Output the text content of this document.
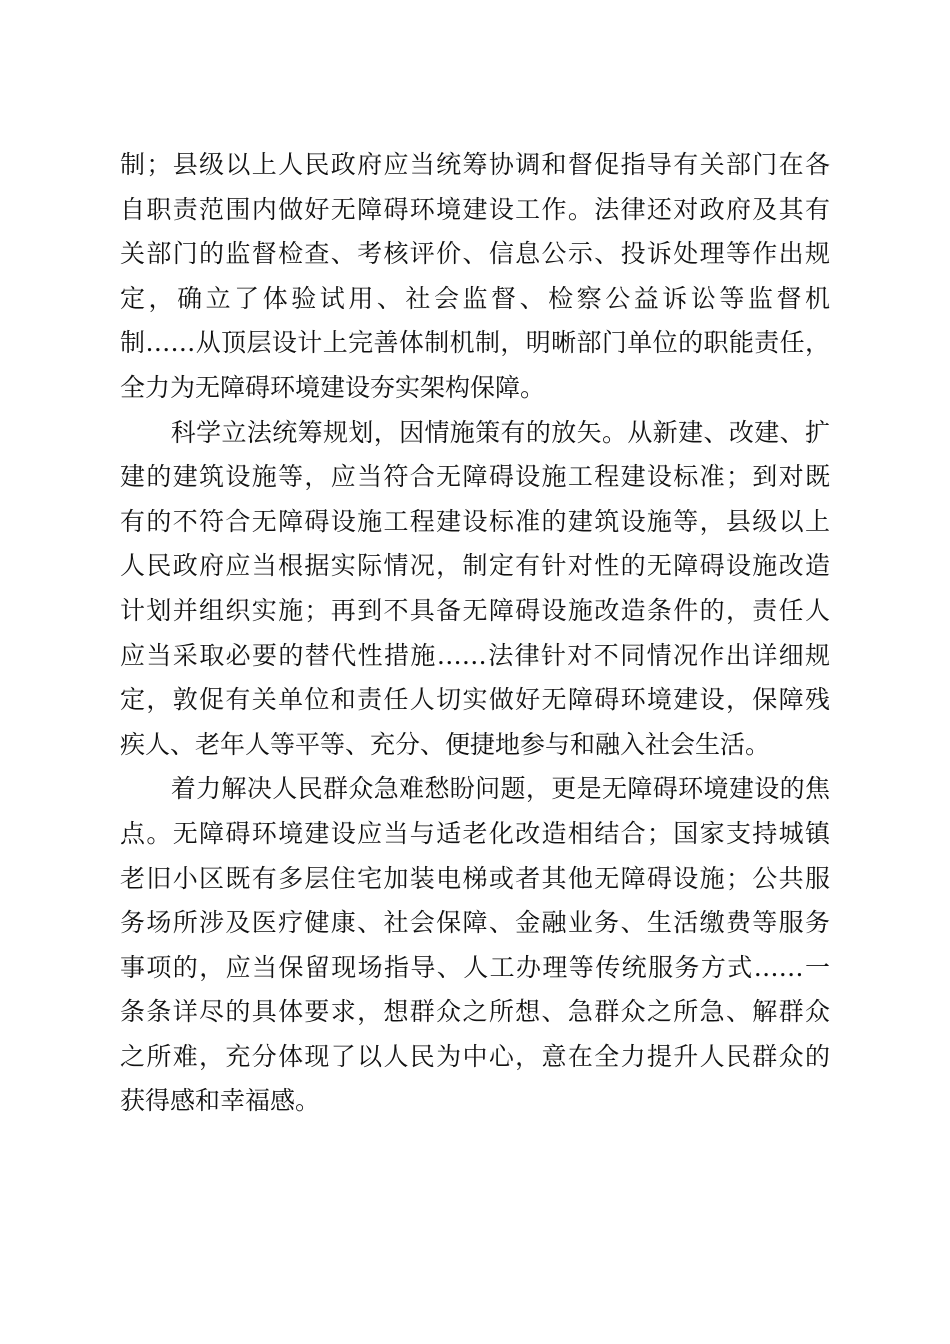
制；县级以上人民政府应当统筹协调和督促指导有关部门在各
自职责范围内做好无障碍环境建设工作。法律还对政府及其有
关部门的监督检查、考核评价、信息公示、投诉处理等作出规
定，确立了体验试用、社会监督、检察公益诉讼等监督机
制……从顶层设计上完善体制机制，明晰部门单位的职能责任，
全力为无障碍环境建设夯实架构保障。
　　科学立法统筹规划，因情施策有的放矢。从新建、改建、扩
建的建筑设施等，应当符合无障碍设施工程建设标准；到对既
有的不符合无障碍设施工程建设标准的建筑设施等，县级以上
人民政府应当根据实际情况，制定有针对性的无障碍设施改造
计划并组织实施；再到不具备无障碍设施改造条件的，责任人
应当采取必要的替代性措施……法律针对不同情况作出详细规
定，敦促有关单位和责任人切实做好无障碍环境建设，保障残
疾人、老年人等平等、充分、便捷地参与和融入社会生活。
　　着力解决人民群众急难愁盼问题，更是无障碍环境建设的焦
点。无障碍环境建设应当与适老化改造相结合；国家支持城镇
老旧小区既有多层住宅加装电梯或者其他无障碍设施；公共服
务场所涉及医疗健康、社会保障、金融业务、生活缴费等服务
事项的，应当保留现场指导、人工办理等传统服务方式……一
条条详尽的具体要求，想群众之所想、急群众之所急、解群众
之所难，充分体现了以人民为中心，意在全力提升人民群众的
获得感和幸福感。
